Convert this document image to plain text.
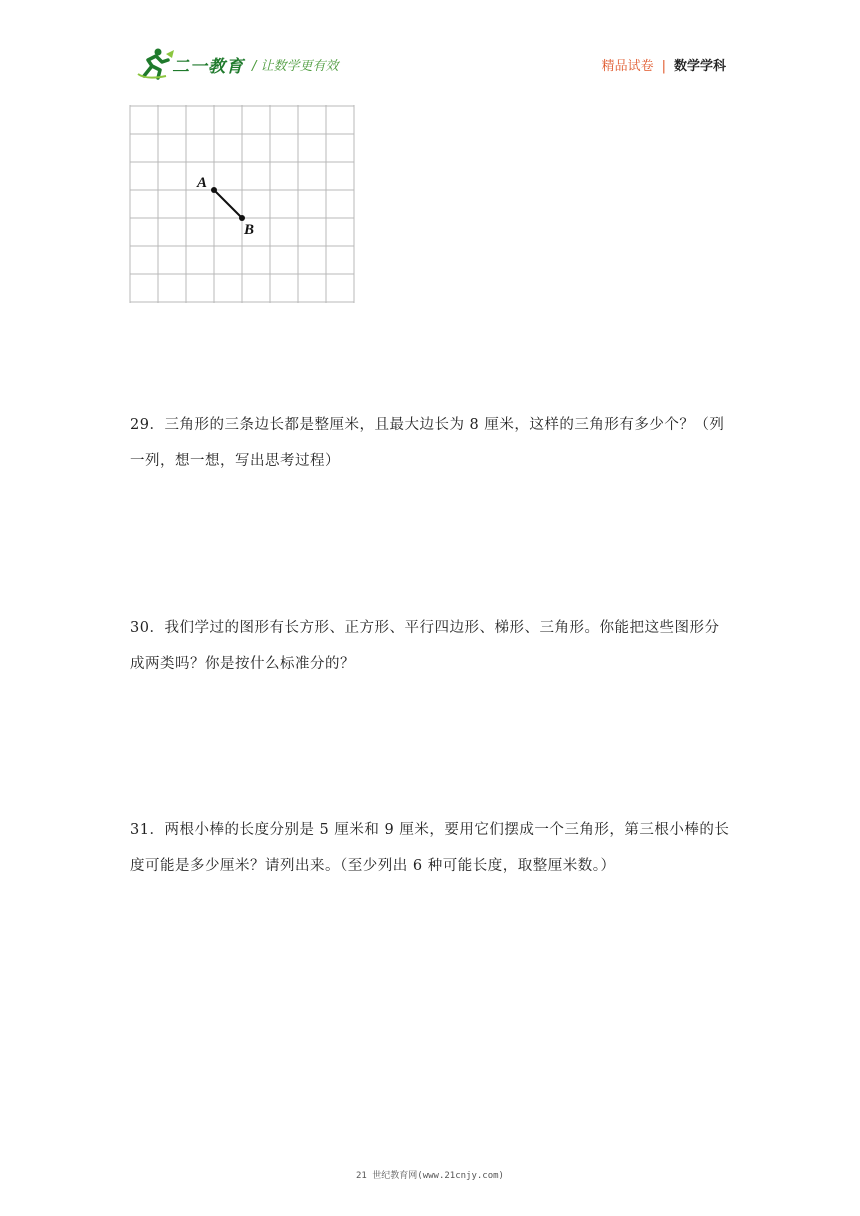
二一教育 / 让数学更有效	精品试卷 | 数学学科
A
B
29．三角形的三条边长都是整厘米，且最大边长为 8 厘米，这样的三角形有多少个？（列一列，想一想，写出思考过程）
30．我们学过的图形有长方形、正方形、平行四边形、梯形、三角形。你能把这些图形分成两类吗？你是按什么标准分的？
31．两根小棒的长度分别是 5 厘米和 9 厘米，要用它们摆成一个三角形，第三根小棒的长度可能是多少厘米？请列出来。（至少列出 6 种可能长度，取整厘米数。）
21 世纪教育网(www.21cnjy.com)
